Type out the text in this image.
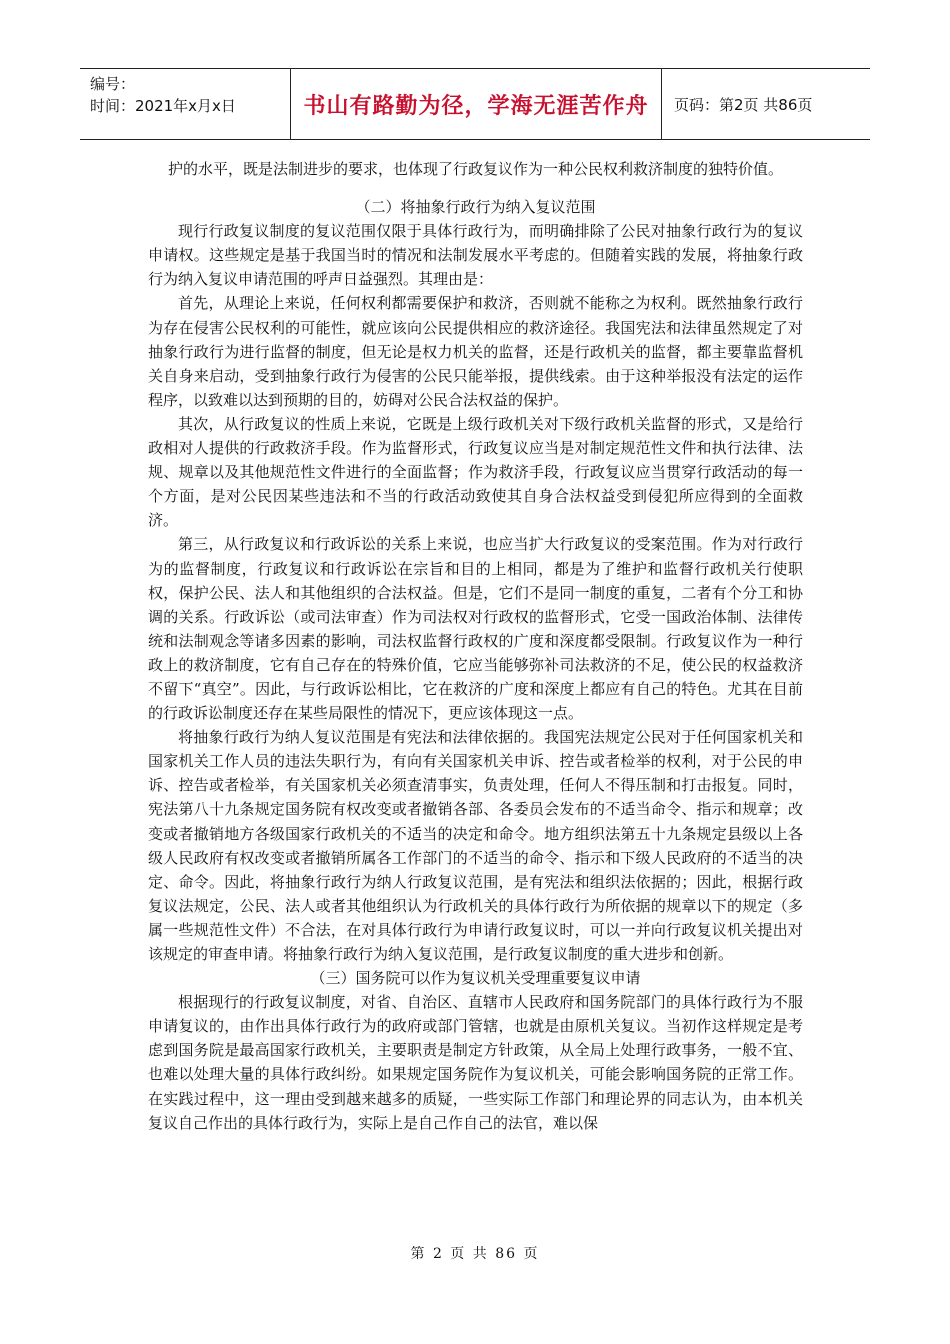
编号：
时间：2021年x月x日	书山有路勤为径，学海无涯苦作舟	页码：第2页 共86页

护的水平，既是法制进步的要求，也体现了行政复议作为一种公民权利救济制度的独特价值。

（二）将抽象行政行为纳入复议范围

现行行政复议制度的复议范围仅限于具体行政行为，而明确排除了公民对抽象行政行为的复议申请权。这些规定是基于我国当时的情况和法制发展水平考虑的。但随着实践的发展，将抽象行政行为纳入复议申请范围的呼声日益强烈。其理由是：

首先，从理论上来说，任何权利都需要保护和救济，否则就不能称之为权利。既然抽象行政行为存在侵害公民权利的可能性，就应该向公民提供相应的救济途径。我国宪法和法律虽然规定了对抽象行政行为进行监督的制度，但无论是权力机关的监督，还是行政机关的监督，都主要靠监督机关自身来启动，受到抽象行政行为侵害的公民只能举报，提供线索。由于这种举报没有法定的运作程序，以致难以达到预期的目的，妨碍对公民合法权益的保护。

其次，从行政复议的性质上来说，它既是上级行政机关对下级行政机关监督的形式，又是给行政相对人提供的行政救济手段。作为监督形式，行政复议应当是对制定规范性文件和执行法律、法规、规章以及其他规范性文件进行的全面监督；作为救济手段，行政复议应当贯穿行政活动的每一个方面，是对公民因某些违法和不当的行政活动致使其自身合法权益受到侵犯所应得到的全面救济。

第三，从行政复议和行政诉讼的关系上来说，也应当扩大行政复议的受案范围。作为对行政行为的监督制度，行政复议和行政诉讼在宗旨和目的上相同，都是为了维护和监督行政机关行使职权，保护公民、法人和其他组织的合法权益。但是，它们不是同一制度的重复，二者有个分工和协调的关系。行政诉讼（或司法审查）作为司法权对行政权的监督形式，它受一国政治体制、法律传统和法制观念等诸多因素的影响，司法权监督行政权的广度和深度都受限制。行政复议作为一种行政上的救济制度，它有自己存在的特殊价值，它应当能够弥补司法救济的不足，使公民的权益救济不留下“真空”。因此，与行政诉讼相比，它在救济的广度和深度上都应有自己的特色。尤其在目前的行政诉讼制度还存在某些局限性的情况下，更应该体现这一点。

将抽象行政行为纳人复议范围是有宪法和法律依据的。我国宪法规定公民对于任何国家机关和国家机关工作人员的违法失职行为，有向有关国家机关申诉、控告或者检举的权利，对于公民的申诉、控告或者检举，有关国家机关必须查清事实，负责处理，任何人不得压制和打击报复。同时，宪法第八十九条规定国务院有权改变或者撤销各部、各委员会发布的不适当命令、指示和规章；改变或者撤销地方各级国家行政机关的不适当的决定和命令。地方组织法第五十九条规定县级以上各级人民政府有权改变或者撤销所属各工作部门的不适当的命令、指示和下级人民政府的不适当的决定、命令。因此，将抽象行政行为纳人行政复议范围，是有宪法和组织法依据的；因此，根据行政复议法规定，公民、法人或者其他组织认为行政机关的具体行政行为所依据的规章以下的规定（多属一些规范性文件）不合法，在对具体行政行为申请行政复议时，可以一并向行政复议机关提出对该规定的审查申请。将抽象行政行为纳入复议范围，是行政复议制度的重大进步和创新。

（三）国务院可以作为复议机关受理重要复议申请

根据现行的行政复议制度，对省、自治区、直辖市人民政府和国务院部门的具体行政行为不服申请复议的，由作出具体行政行为的政府或部门管辖，也就是由原机关复议。当初作这样规定是考虑到国务院是最高国家行政机关，主要职责是制定方针政策，从全局上处理行政事务，一般不宜、也难以处理大量的具体行政纠纷。如果规定国务院作为复议机关，可能会影响国务院的正常工作。在实践过程中，这一理由受到越来越多的质疑，一些实际工作部门和理论界的同志认为，由本机关复议自己作出的具体行政行为，实际上是自己作自己的法官，难以保

第 2 页 共 86 页
